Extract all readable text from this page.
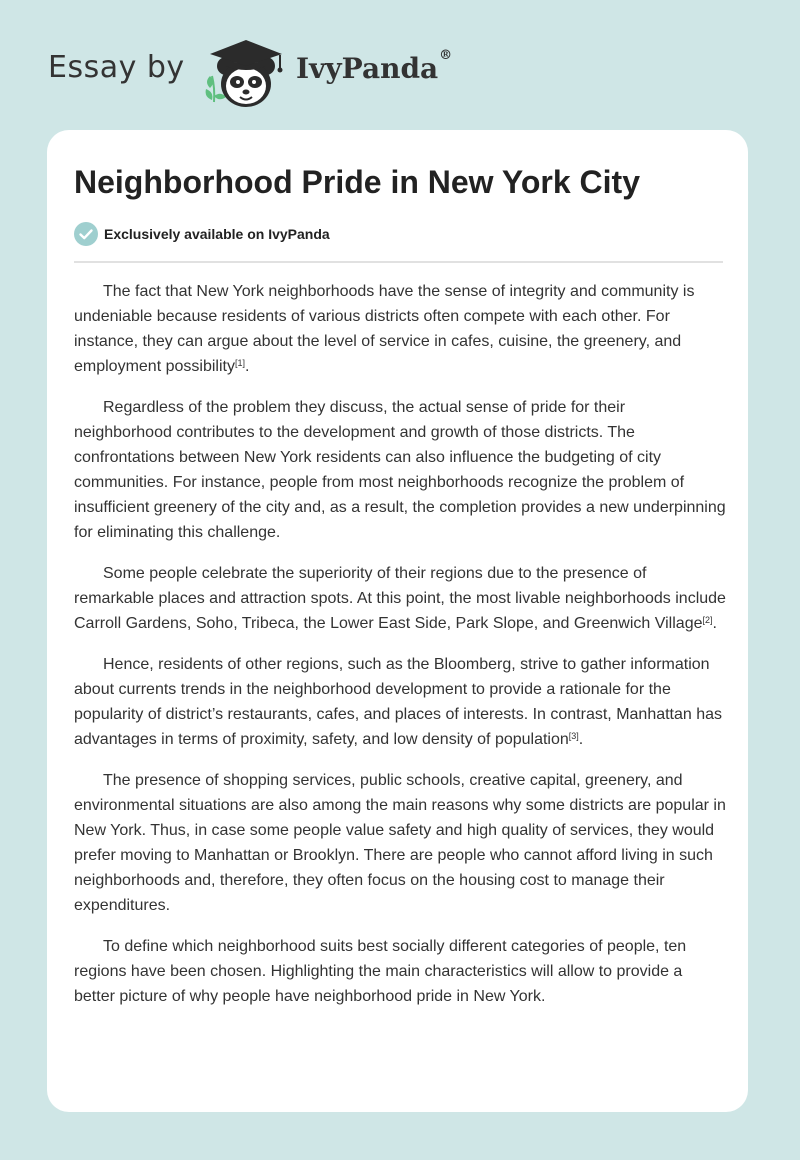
Essay by	IvyPanda®
Neighborhood Pride in New York City
Exclusively available on IvyPanda

The fact that New York neighborhoods have the sense of integrity and community is undeniable because residents of various districts often compete with each other. For instance, they can argue about the level of service in cafes, cuisine, the greenery, and employment possibility[1].

Regardless of the problem they discuss, the actual sense of pride for their neighborhood contributes to the development and growth of those districts. The confrontations between New York residents can also influence the budgeting of city communities. For instance, people from most neighborhoods recognize the problem of insufficient greenery of the city and, as a result, the completion provides a new underpinning for eliminating this challenge.

Some people celebrate the superiority of their regions due to the presence of remarkable places and attraction spots. At this point, the most livable neighborhoods include Carroll Gardens, Soho, Tribeca, the Lower East Side, Park Slope, and Greenwich Village[2].

Hence, residents of other regions, such as the Bloomberg, strive to gather information about currents trends in the neighborhood development to provide a rationale for the popularity of district’s restaurants, cafes, and places of interests. In contrast, Manhattan has advantages in terms of proximity, safety, and low density of population[3].

The presence of shopping services, public schools, creative capital, greenery, and environmental situations are also among the main reasons why some districts are popular in New York. Thus, in case some people value safety and high quality of services, they would prefer moving to Manhattan or Brooklyn. There are people who cannot afford living in such neighborhoods and, therefore, they often focus on the housing cost to manage their expenditures.

To define which neighborhood suits best socially different categories of people, ten regions have been chosen. Highlighting the main characteristics will allow to provide a better picture of why people have neighborhood pride in New York.
